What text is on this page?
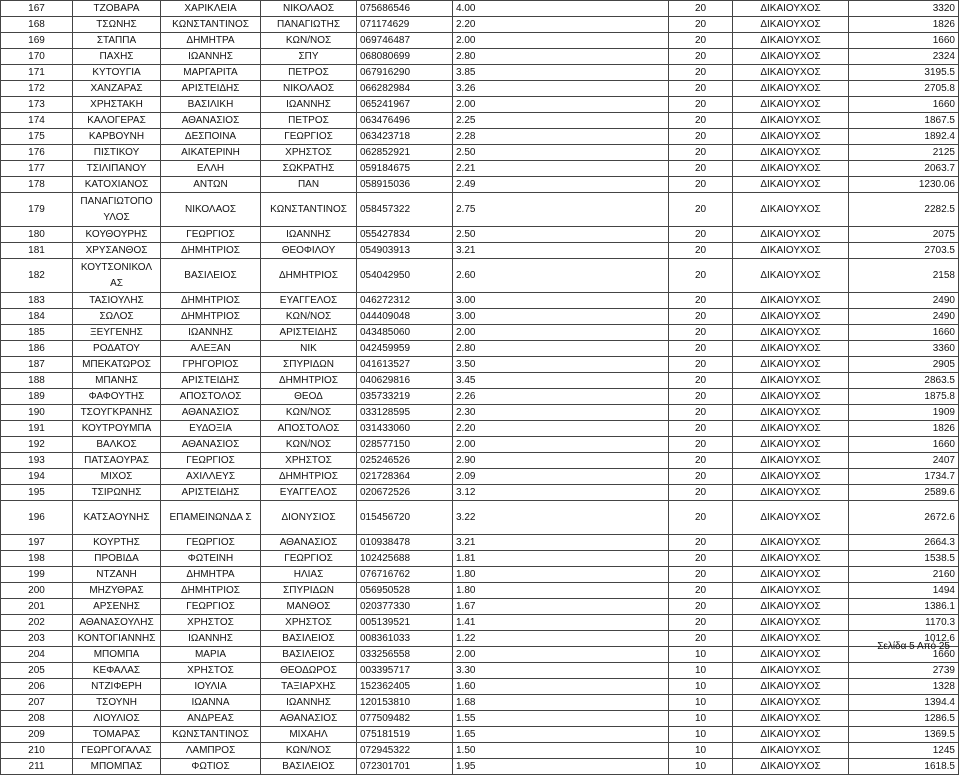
167	ΤΖΟΒΑΡΑ	ΧΑΡΙΚΛΕΙΑ	ΝΙΚΟΛΑΟΣ	075686546	4.00	20	ΔΙΚΑΙΟΥΧΟΣ	3320
168	ΤΣΩΝΗΣ	ΚΩΝΣΤΑΝΤΙΝΟΣ	ΠΑΝΑΓΙΩΤΗΣ	071174629	2.20	20	ΔΙΚΑΙΟΥΧΟΣ	1826
169	ΣΤΑΠΠΑ	ΔΗΜΗΤΡΑ	ΚΩΝ/ΝΟΣ	069746487	2.00	20	ΔΙΚΑΙΟΥΧΟΣ	1660
170	ΠΑΧΗΣ	ΙΩΑΝΝΗΣ	ΣΠΥ	068080699	2.80	20	ΔΙΚΑΙΟΥΧΟΣ	2324
171	ΚΥΤΟΥΓΙΑ	ΜΑΡΓΑΡΙΤΑ	ΠΕΤΡΟΣ	067916290	3.85	20	ΔΙΚΑΙΟΥΧΟΣ	3195.5
172	ΧΑΝΖΑΡΑΣ	ΑΡΙΣΤΕΙΔΗΣ	ΝΙΚΟΛΑΟΣ	066282984	3.26	20	ΔΙΚΑΙΟΥΧΟΣ	2705.8
173	ΧΡΗΣΤΑΚΗ	ΒΑΣΙΛΙΚΗ	ΙΩΑΝΝΗΣ	065241967	2.00	20	ΔΙΚΑΙΟΥΧΟΣ	1660
174	ΚΑΛΟΓΕΡΑΣ	ΑΘΑΝΑΣΙΟΣ	ΠΕΤΡΟΣ	063476496	2.25	20	ΔΙΚΑΙΟΥΧΟΣ	1867.5
175	ΚΑΡΒΟΥΝΗ	ΔΕΣΠΟΙΝΑ	ΓΕΩΡΓΙΟΣ	063423718	2.28	20	ΔΙΚΑΙΟΥΧΟΣ	1892.4
176	ΠΙΣΤΙΚΟΥ	ΑΙΚΑΤΕΡΙΝΗ	ΧΡΗΣΤΟΣ	062852921	2.50	20	ΔΙΚΑΙΟΥΧΟΣ	2125
177	ΤΣΙΛΙΠΑΝΟΥ	ΕΛΛΗ	ΣΩΚΡΑΤΗΣ	059184675	2.21	20	ΔΙΚΑΙΟΥΧΟΣ	2063.7
178	ΚΑΤΟΧΙΑΝΟΣ	ΑΝΤΩΝ	ΠΑΝ	058915036	2.49	20	ΔΙΚΑΙΟΥΧΟΣ	1230.06
179	ΠΑΝΑΓΙΩΤΟΠΟ ΥΛΟΣ	ΝΙΚΟΛΑΟΣ	ΚΩΝΣΤΑΝΤΙΝΟΣ	058457322	2.75	20	ΔΙΚΑΙΟΥΧΟΣ	2282.5
180	ΚΟΥΘΟΥΡΗΣ	ΓΕΩΡΓΙΟΣ	ΙΩΑΝΝΗΣ	055427834	2.50	20	ΔΙΚΑΙΟΥΧΟΣ	2075
181	ΧΡΥΣΑΝΘΟΣ	ΔΗΜΗΤΡΙΟΣ	ΘΕΟΦΙΛΟΥ	054903913	3.21	20	ΔΙΚΑΙΟΥΧΟΣ	2703.5
182	ΚΟΥΤΣΟΝΙΚΟΛ ΑΣ	ΒΑΣΙΛΕΙΟΣ	ΔΗΜΗΤΡΙΟΣ	054042950	2.60	20	ΔΙΚΑΙΟΥΧΟΣ	2158
183	ΤΑΣΙΟΥΛΗΣ	ΔΗΜΗΤΡΙΟΣ	ΕΥΑΓΓΕΛΟΣ	046272312	3.00	20	ΔΙΚΑΙΟΥΧΟΣ	2490
184	ΣΩΛΟΣ	ΔΗΜΗΤΡΙΟΣ	ΚΩΝ/ΝΟΣ	044409048	3.00	20	ΔΙΚΑΙΟΥΧΟΣ	2490
185	ΞΕΥΓΕΝΗΣ	ΙΩΑΝΝΗΣ	ΑΡΙΣΤΕΙΔΗΣ	043485060	2.00	20	ΔΙΚΑΙΟΥΧΟΣ	1660
186	ΡΟΔΑΤΟΥ	ΑΛΕΞΑΝ	ΝΙΚ	042459959	2.80	20	ΔΙΚΑΙΟΥΧΟΣ	3360
187	ΜΠΕΚΑΤΩΡΟΣ	ΓΡΗΓΟΡΙΟΣ	ΣΠΥΡΙΔΩΝ	041613527	3.50	20	ΔΙΚΑΙΟΥΧΟΣ	2905
188	ΜΠΑΝΗΣ	ΑΡΙΣΤΕΙΔΗΣ	ΔΗΜΗΤΡΙΟΣ	040629816	3.45	20	ΔΙΚΑΙΟΥΧΟΣ	2863.5
189	ΦΑΦΟΥΤΗΣ	ΑΠΟΣΤΟΛΟΣ	ΘΕΟΔ	035733219	2.26	20	ΔΙΚΑΙΟΥΧΟΣ	1875.8
190	ΤΣΟΥΓΚΡΑΝΗΣ	ΑΘΑΝΑΣΙΟΣ	ΚΩΝ/ΝΟΣ	033128595	2.30	20	ΔΙΚΑΙΟΥΧΟΣ	1909
191	ΚΟΥΤΡΟΥΜΠΑ	ΕΥΔΟΞΙΑ	ΑΠΟΣΤΟΛΟΣ	031433060	2.20	20	ΔΙΚΑΙΟΥΧΟΣ	1826
192	ΒΑΛΚΟΣ	ΑΘΑΝΑΣΙΟΣ	ΚΩΝ/ΝΟΣ	028577150	2.00	20	ΔΙΚΑΙΟΥΧΟΣ	1660
193	ΠΑΤΣΑΟΥΡΑΣ	ΓΕΩΡΓΙΟΣ	ΧΡΗΣΤΟΣ	025246526	2.90	20	ΔΙΚΑΙΟΥΧΟΣ	2407
194	ΜΙΧΟΣ	ΑΧΙΛΛΕΥΣ	ΔΗΜΗΤΡΙΟΣ	021728364	2.09	20	ΔΙΚΑΙΟΥΧΟΣ	1734.7
195	ΤΣΙΡΩΝΗΣ	ΑΡΙΣΤΕΙΔΗΣ	ΕΥΑΓΓΕΛΟΣ	020672526	3.12	20	ΔΙΚΑΙΟΥΧΟΣ	2589.6
196	ΚΑΤΣΑΟΥΝΗΣ	ΕΠΑΜΕΙΝΩΝΔΑ Σ	ΔΙΟΝΥΣΙΟΣ	015456720	3.22	20	ΔΙΚΑΙΟΥΧΟΣ	2672.6
197	ΚΟΥΡΤΗΣ	ΓΕΩΡΓΙΟΣ	ΑΘΑΝΑΣΙΟΣ	010938478	3.21	20	ΔΙΚΑΙΟΥΧΟΣ	2664.3
198	ΠΡΟΒΙΔΑ	ΦΩΤΕΙΝΗ	ΓΕΩΡΓΙΟΣ	102425688	1.81	20	ΔΙΚΑΙΟΥΧΟΣ	1538.5
199	ΝΤΖΑΝΗ	ΔΗΜΗΤΡΑ	ΗΛΙΑΣ	076716762	1.80	20	ΔΙΚΑΙΟΥΧΟΣ	2160
200	ΜΗΖΥΘΡΑΣ	ΔΗΜΗΤΡΙΟΣ	ΣΠΥΡΙΔΩΝ	056950528	1.80	20	ΔΙΚΑΙΟΥΧΟΣ	1494
201	ΑΡΣΕΝΗΣ	ΓΕΩΡΓΙΟΣ	ΜΑΝΘΟΣ	020377330	1.67	20	ΔΙΚΑΙΟΥΧΟΣ	1386.1
202	ΑΘΑΝΑΣΟΥΛΗΣ	ΧΡΗΣΤΟΣ	ΧΡΗΣΤΟΣ	005139521	1.41	20	ΔΙΚΑΙΟΥΧΟΣ	1170.3
203	ΚΟΝΤΟΓΙΑΝΝΗΣ	ΙΩΑΝΝΗΣ	ΒΑΣΙΛΕΙΟΣ	008361033	1.22	20	ΔΙΚΑΙΟΥΧΟΣ	1012.6
204	ΜΠΟΜΠΑ	ΜΑΡΙΑ	ΒΑΣΙΛΕΙΟΣ	033256558	2.00	10	ΔΙΚΑΙΟΥΧΟΣ	1660
205	ΚΕΦΑΛΑΣ	ΧΡΗΣΤΟΣ	ΘΕΟΔΩΡΟΣ	003395717	3.30	10	ΔΙΚΑΙΟΥΧΟΣ	2739
206	ΝΤΖΙΦΕΡΗ	ΙΟΥΛΙΑ	ΤΑΞΙΑΡΧΗΣ	152362405	1.60	10	ΔΙΚΑΙΟΥΧΟΣ	1328
207	ΤΣΟΥΝΗ	ΙΩΑΝΝΑ	ΙΩΑΝΝΗΣ	120153810	1.68	10	ΔΙΚΑΙΟΥΧΟΣ	1394.4
208	ΛΙΟΥΛΙΟΣ	ΑΝΔΡΕΑΣ	ΑΘΑΝΑΣΙΟΣ	077509482	1.55	10	ΔΙΚΑΙΟΥΧΟΣ	1286.5
209	ΤΟΜΑΡΑΣ	ΚΩΝΣΤΑΝΤΙΝΟΣ	ΜΙΧΑΗΛ	075181519	1.65	10	ΔΙΚΑΙΟΥΧΟΣ	1369.5
210	ΓΕΩΡΓΟΓΑΛΑΣ	ΛΑΜΠΡΟΣ	ΚΩΝ/ΝΟΣ	072945322	1.50	10	ΔΙΚΑΙΟΥΧΟΣ	1245
211	ΜΠΟΜΠΑΣ	ΦΩΤΙΟΣ	ΒΑΣΙΛΕΙΟΣ	072301701	1.95	10	ΔΙΚΑΙΟΥΧΟΣ	1618.5
Σελίδα 5 Από 25
